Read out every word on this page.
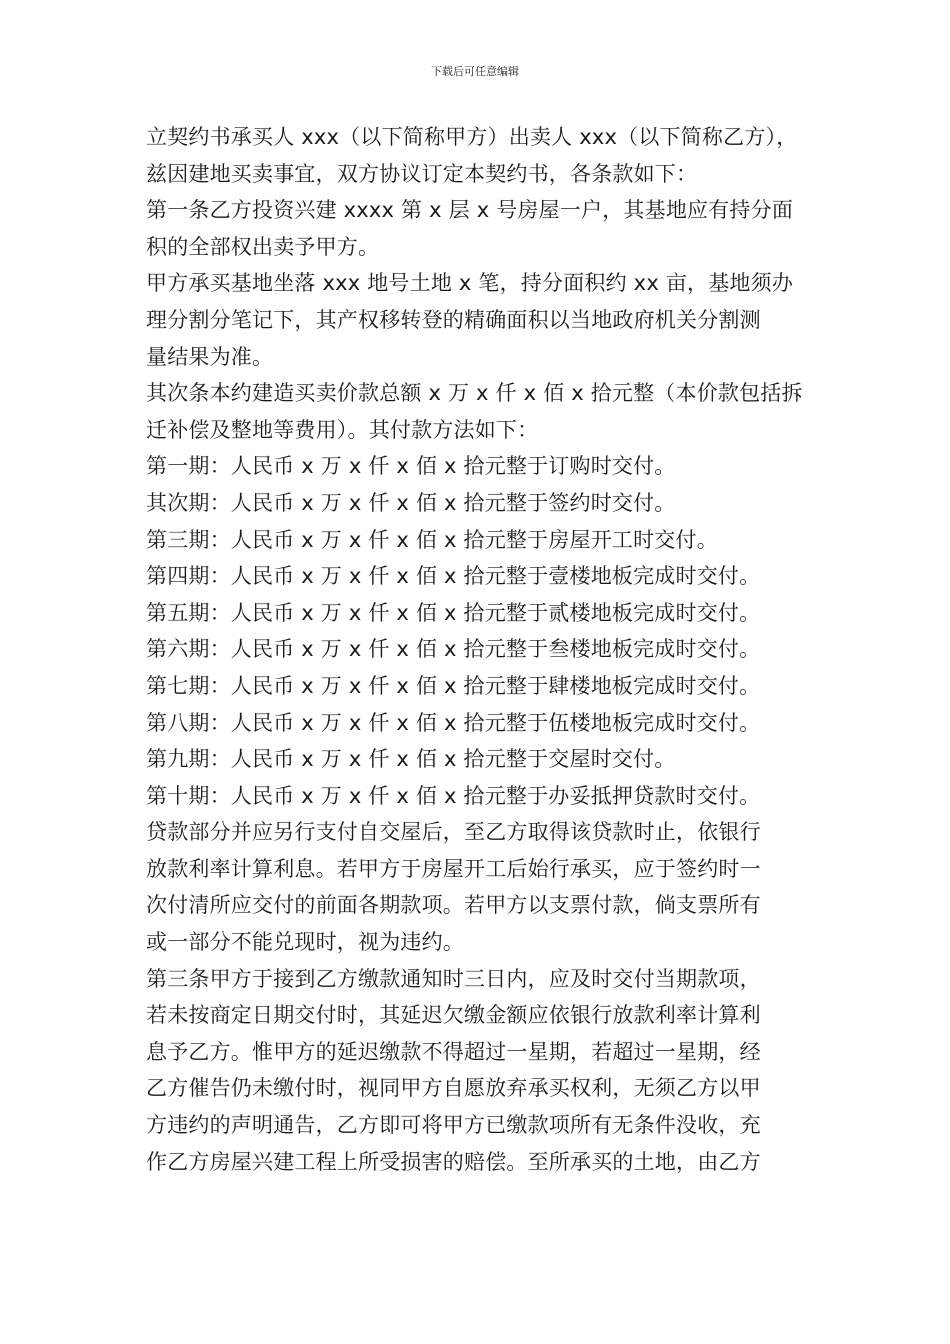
下载后可任意编辑
立契约书承买人 xxx（以下简称甲方）出卖人 xxx（以下简称乙方），
兹因建地买卖事宜，双方协议订定本契约书，各条款如下：
第一条乙方投资兴建 xxxx 第 x 层 x 号房屋一户，其基地应有持分面
积的全部权出卖予甲方。
甲方承买基地坐落 xxx 地号土地 x 笔，持分面积约 xx 亩，基地须办
理分割分笔记下，其产权移转登的精确面积以当地政府机关分割测
量结果为准。
其次条本约建造买卖价款总额 x 万 x 仟 x 佰 x 拾元整（本价款包括拆
迁补偿及整地等费用）。其付款方法如下：
第一期：人民币 x 万 x 仟 x 佰 x 拾元整于订购时交付。
其次期：人民币 x 万 x 仟 x 佰 x 拾元整于签约时交付。
第三期：人民币 x 万 x 仟 x 佰 x 拾元整于房屋开工时交付。
第四期：人民币 x 万 x 仟 x 佰 x 拾元整于壹楼地板完成时交付。
第五期：人民币 x 万 x 仟 x 佰 x 拾元整于贰楼地板完成时交付。
第六期：人民币 x 万 x 仟 x 佰 x 拾元整于叁楼地板完成时交付。
第七期：人民币 x 万 x 仟 x 佰 x 拾元整于肆楼地板完成时交付。
第八期：人民币 x 万 x 仟 x 佰 x 拾元整于伍楼地板完成时交付。
第九期：人民币 x 万 x 仟 x 佰 x 拾元整于交屋时交付。
第十期：人民币 x 万 x 仟 x 佰 x 拾元整于办妥抵押贷款时交付。
贷款部分并应另行支付自交屋后，至乙方取得该贷款时止，依银行
放款利率计算利息。若甲方于房屋开工后始行承买，应于签约时一
次付清所应交付的前面各期款项。若甲方以支票付款，倘支票所有
或一部分不能兑现时，视为违约。
第三条甲方于接到乙方缴款通知时三日内，应及时交付当期款项，
若未按商定日期交付时，其延迟欠缴金额应依银行放款利率计算利
息予乙方。惟甲方的延迟缴款不得超过一星期，若超过一星期，经
乙方催告仍未缴付时，视同甲方自愿放弃承买权利，无须乙方以甲
方违约的声明通告，乙方即可将甲方已缴款项所有无条件没收，充
作乙方房屋兴建工程上所受损害的赔偿。至所承买的土地，由乙方
